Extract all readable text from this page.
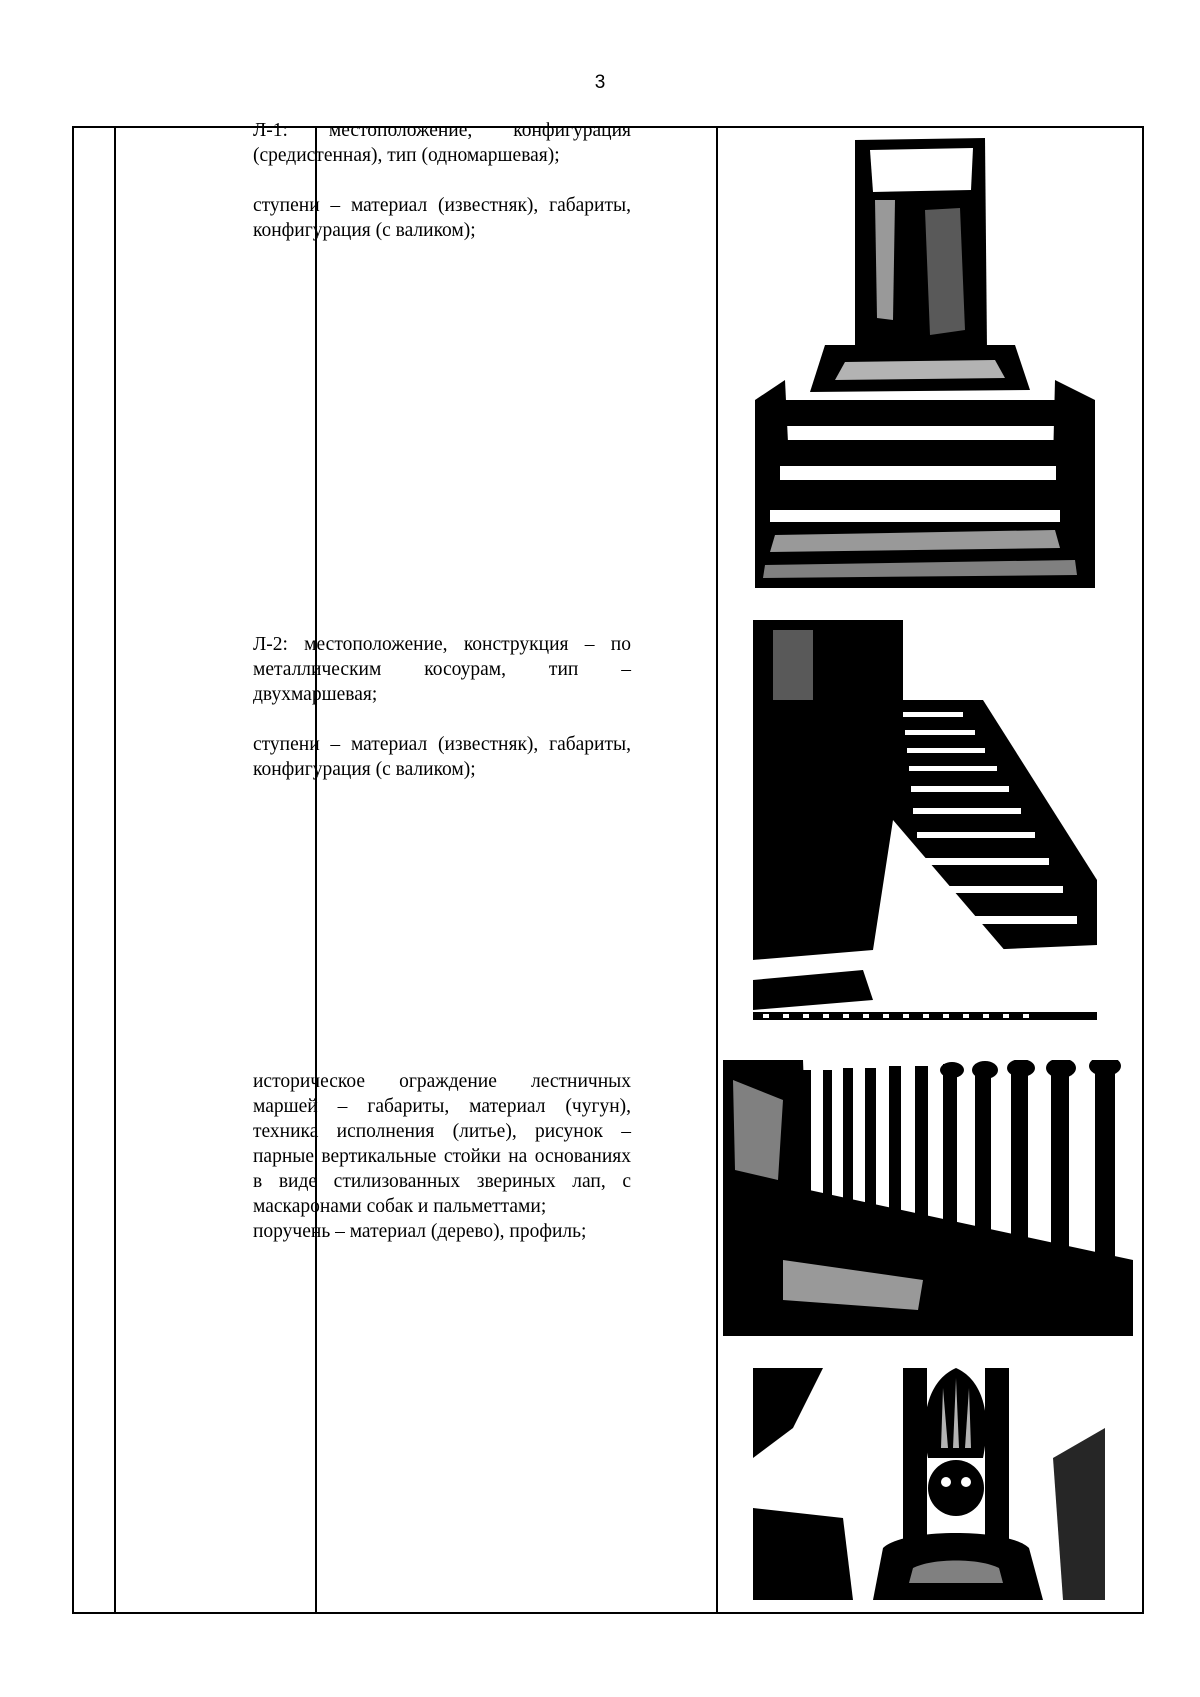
3

Л-1: местоположение, конфигурация (средистенная), тип (одномаршевая);

ступени – материал (известняк), габариты, конфигурация (с валиком);

Л-2: местоположение, конструкция – по металлическим косоурам, тип – двухмаршевая;

ступени – материал (известняк), габариты, конфигурация (с валиком);

историческое ограждение лестничных маршей – габариты, материал (чугун), техника исполнения (литье), рисунок – парные вертикальные стойки на основаниях в виде стилизованных звериных лап, с маскаронами собак и пальметтами;

поручень – материал (дерево), профиль;
